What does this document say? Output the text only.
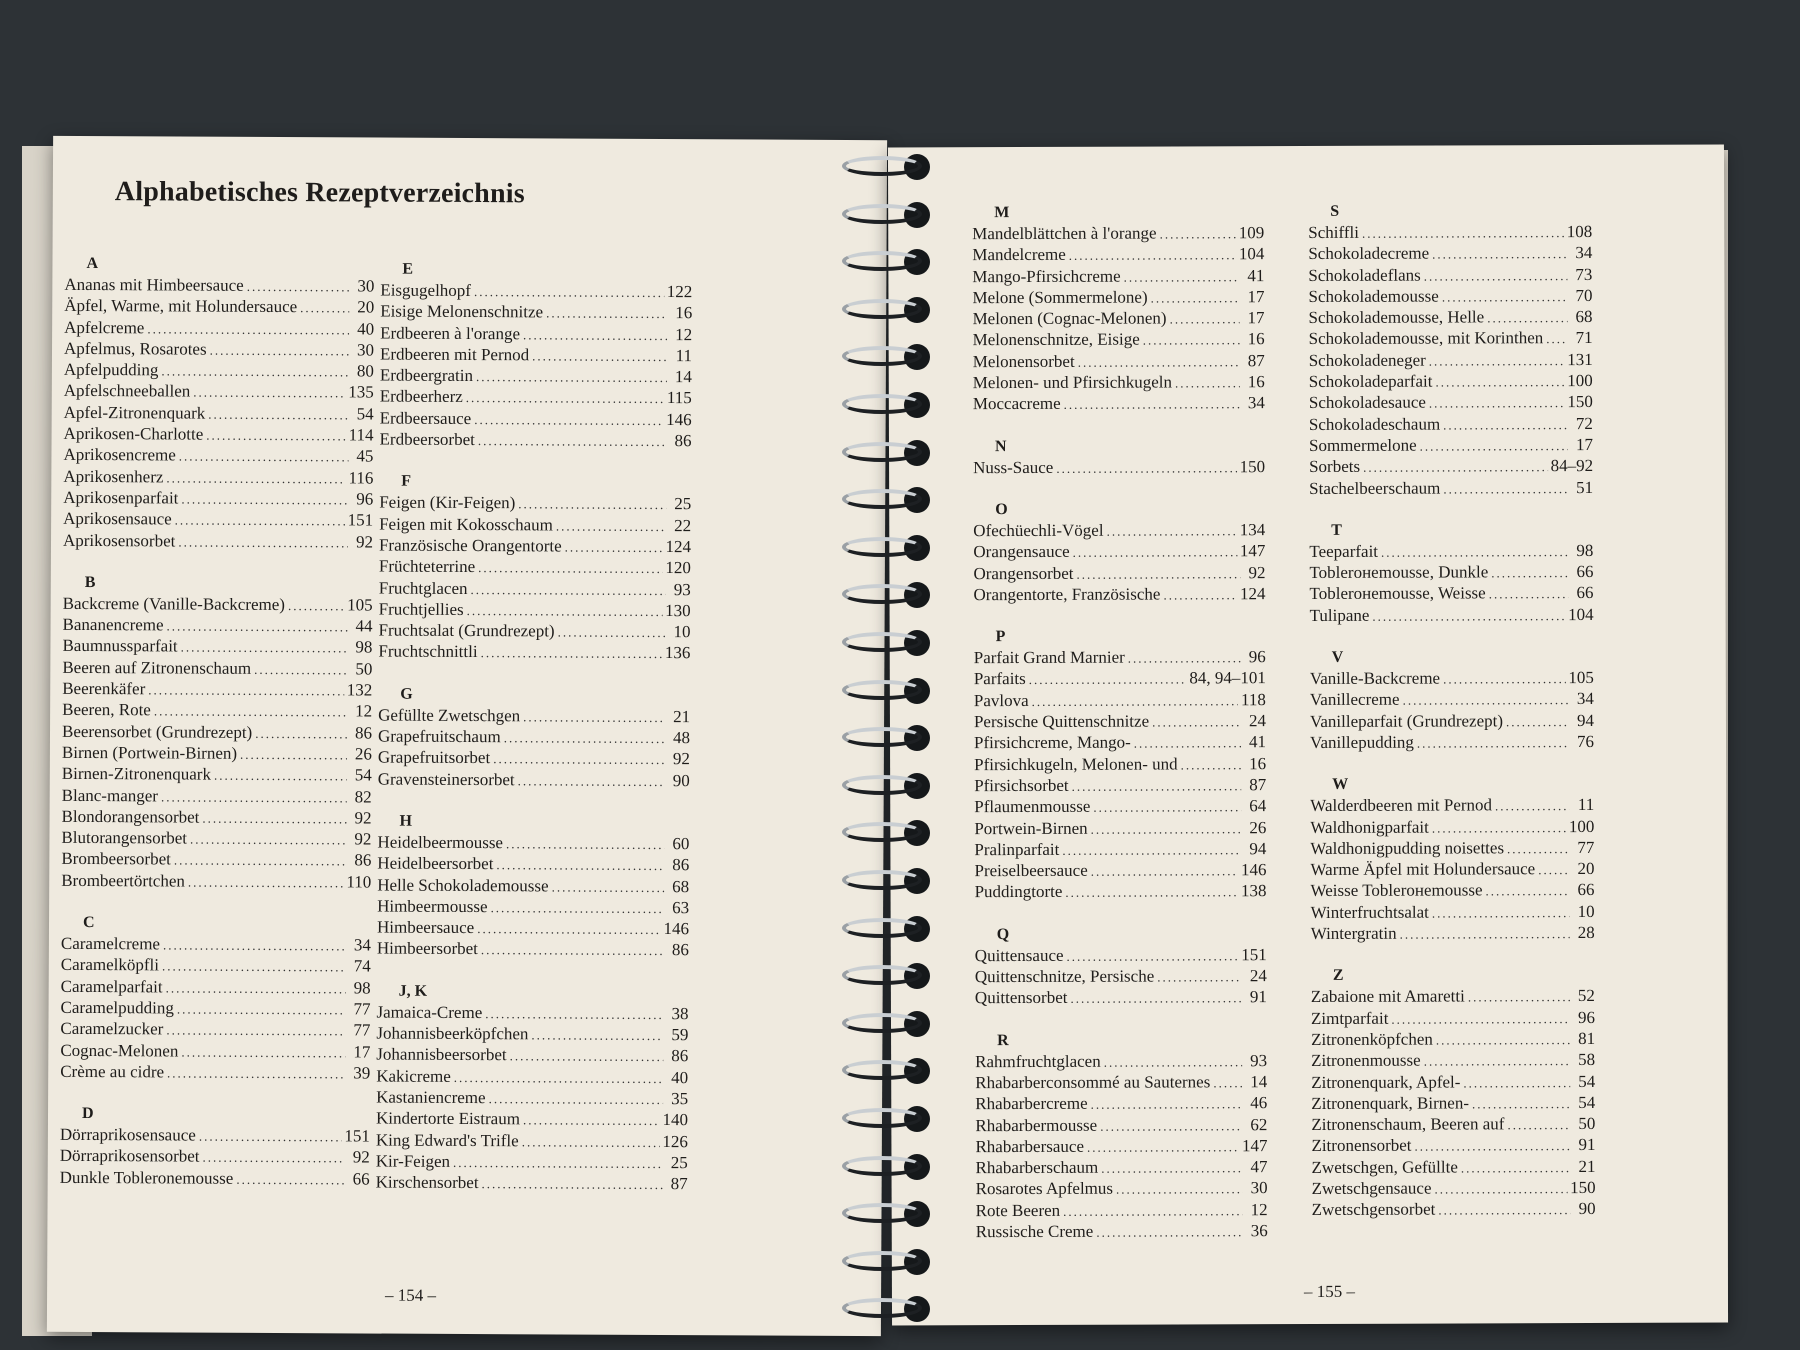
Alphabetisches Rezeptverzeichnis
A
Ananas mit Himbeersauce .....	30
Äpfel, Warme, mit Holundersauce .....	20
Apfelcreme .....	40
Apfelmus, Rosarotes .....	30
Apfelpudding .....	80
Apfelschneeballen .....	135
Apfel-Zitronenquark .....	54
Aprikosen-Charlotte .....	114
Aprikosencreme .....	45
Aprikosenherz .....	116
Aprikosenparfait .....	96
Aprikosensauce .....	151
Aprikosensorbet .....	92
B
Backcreme (Vanille-Backcreme) .....	105
Bananencreme .....	44
Baumnussparfait .....	98
Beeren auf Zitronenschaum .....	50
Beerenkäfer .....	132
Beeren, Rote .....	12
Beerensorbet (Grundrezept) .....	86
Birnen (Portwein-Birnen) .....	26
Birnen-Zitronenquark .....	54
Blanc-manger .....	82
Blondorangensorbet .....	92
Blutorangensorbet .....	92
Brombeersorbet .....	86
Brombeertörtchen .....	110
C
Caramelcreme .....	34
Caramelköpfli .....	74
Caramelparfait .....	98
Caramelpudding .....	77
Caramelzucker .....	77
Cognac-Melonen .....	17
Crème au cidre .....	39
D
Dörraprikosensauce .....	151
Dörraprikosensorbet .....	92
Dunkle Tobleronemousse .....	66
E
Eisgugelhopf .....	122
Eisige Melonenschnitze .....	16
Erdbeeren à l'orange .....	12
Erdbeeren mit Pernod .....	11
Erdbeergratin .....	14
Erdbeerherz .....	115
Erdbeersauce .....	146
Erdbeersorbet .....	86
F
Feigen (Kir-Feigen) .....	25
Feigen mit Kokosschaum .....	22
Französische Orangentorte .....	124
Früchteterrine .....	120
Fruchtglacen .....	93
Fruchtjellies .....	130
Fruchtsalat (Grundrezept) .....	10
Fruchtschnittli .....	136
G
Gefüllte Zwetschgen .....	21
Grapefruitschaum .....	48
Grapefruitsorbet .....	92
Gravensteinersorbet .....	90
H
Heidelbeermousse .....	60
Heidelbeersorbet .....	86
Helle Schokolademousse .....	68
Himbeermousse .....	63
Himbeersauce .....	146
Himbeersorbet .....	86
J, K
Jamaica-Creme .....	38
Johannisbeerköpfchen .....	59
Johannisbeersorbet .....	86
Kakicreme .....	40
Kastaniencreme .....	35
Kindertorte Eistraum .....	140
King Edward's Trifle .....	126
Kir-Feigen .....	25
Kirschensorbet .....	87
– 154 –
M
Mandelblättchen à l'orange .....	109
Mandelcreme .....	104
Mango-Pfirsichcreme .....	41
Melone (Sommermelone) .....	17
Melonen (Cognac-Melonen) .....	17
Melonenschnitze, Eisige .....	16
Melonensorbet .....	87
Melonen- und Pfirsichkugeln .....	16
Moccacreme .....	34
N
Nuss-Sauce .....	150
O
Ofechüechli-Vögel .....	134
Orangensauce .....	147
Orangensorbet .....	92
Orangentorte, Französische .....	124
P
Parfait Grand Marnier .....	96
Parfaits .....	84, 94–101
Pavlova .....	118
Persische Quittenschnitze .....	24
Pfirsichcreme, Mango- .....	41
Pfirsichkugeln, Melonen- und .....	16
Pfirsichsorbet .....	87
Pflaumenmousse .....	64
Portwein-Birnen .....	26
Pralinparfait .....	94
Preiselbeersauce .....	146
Puddingtorte .....	138
Q
Quittensauce .....	151
Quittenschnitze, Persische .....	24
Quittensorbet .....	91
R
Rahmfruchtglacen .....	93
Rhabarberconsommé au Sauternes ..... 14
Rhabarbercreme .....	46
Rhabarbermousse .....	62
Rhabarbersauce .....	147
Rhabarberschaum .....	47
Rosarotes Apfelmus .....	30
Rote Beeren .....	12
Russische Creme .....	36
S
Schiffli .....	108
Schokoladecreme .....	34
Schokoladeflans .....	73
Schokolademousse .....	70
Schokolademousse, Helle .....	68
Schokolademousse, mit Korinthen ..... 71
Schokoladeneger .....	131
Schokoladeparfait .....	100
Schokoladesauce .....	150
Schokoladeschaum .....	72
Sommermelone .....	17
Sorbets .....	84–92
Stachelbeerschaum .....	51
T
Teeparfait .....	98
Toblerонemousse, Dunkle .....	66
Toblerонemousse, Weisse .....	66
Tulipane .....	104
V
Vanille-Backcreme .....	105
Vanillecreme .....	34
Vanilleparfait (Grundrezept) .....	94
Vanillepudding .....	76
W
Walderdbeeren mit Pernod .....	11
Waldhonigparfait .....	100
Waldhonigpudding noisettes .....	77
Warme Äpfel mit Holundersauce ..... 20
Weisse Toblerонemousse .....	66
Winterfruchtsalat .....	10
Wintergratin .....	28
Z
Zabaione mit Amaretti .....	52
Zimtparfait .....	96
Zitronenköpfchen .....	81
Zitronenmousse .....	58
Zitronenquark, Apfel- .....	54
Zitronenquark, Birnen- .....	54
Zitronenschaum, Beeren auf .....	50
Zitronensorbet .....	91
Zwetschgen, Gefüllte .....	21
Zwetschgensauce .....	150
Zwetschgensorbet .....	90
– 155 –
